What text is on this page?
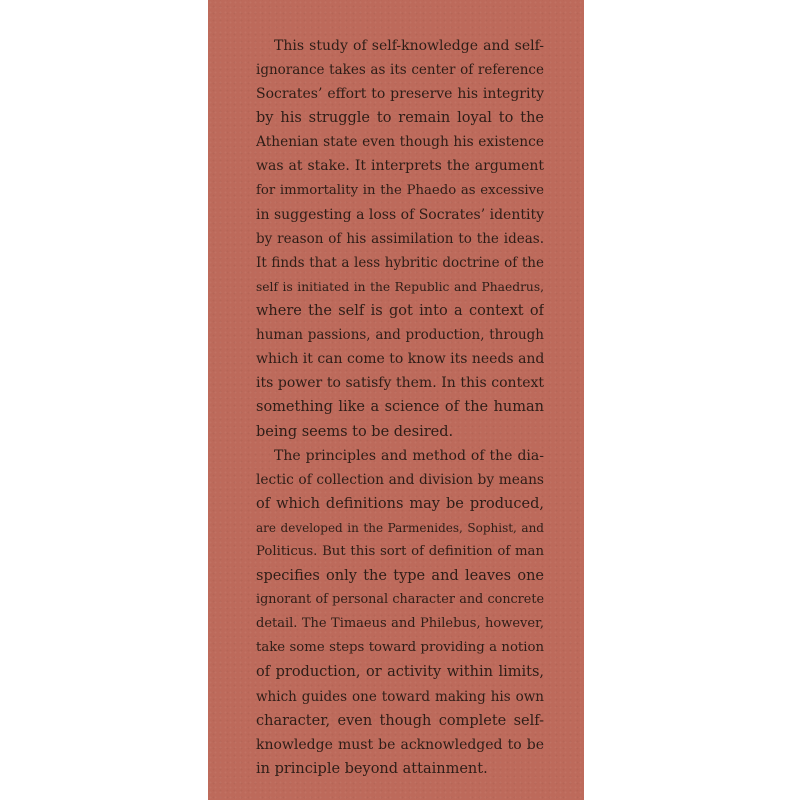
This study of self-knowledge and self-
ignorance takes as its center of reference
Socrates’ effort to preserve his integrity
by his struggle to remain loyal to the
Athenian state even though his existence
was at stake. It interprets the argument
for immortality in the Phaedo as excessive
in suggesting a loss of Socrates’ identity
by reason of his assimilation to the ideas.
It finds that a less hybritic doctrine of the
self is initiated in the Republic and Phaedrus,
where the self is got into a context of
human passions, and production, through
which it can come to know its needs and
its power to satisfy them. In this context
something like a science of the human
being seems to be desired.
The principles and method of the dia-
lectic of collection and division by means
of which definitions may be produced,
are developed in the Parmenides, Sophist, and
Politicus. But this sort of definition of man
specifies only the type and leaves one
ignorant of personal character and concrete
detail. The Timaeus and Philebus, however,
take some steps toward providing a notion
of production, or activity within limits,
which guides one toward making his own
character, even though complete self-
knowledge must be acknowledged to be
in principle beyond attainment.
